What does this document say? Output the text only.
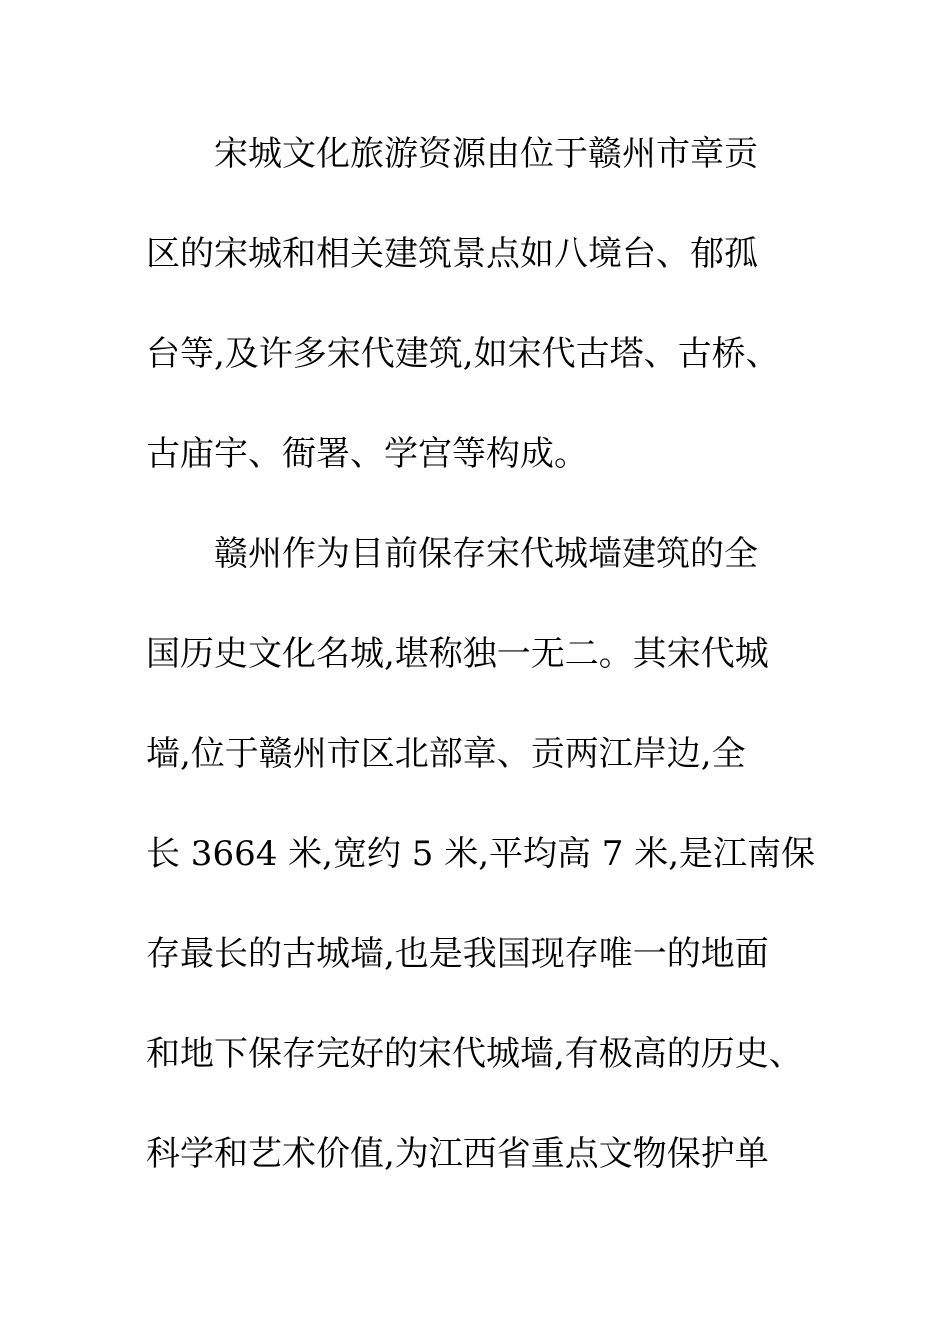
宋城文化旅游资源由位于赣州市章贡
区的宋城和相关建筑景点如八境台、郁孤
台等,及许多宋代建筑,如宋代古塔、古桥、
古庙宇、衙署、学宫等构成。
赣州作为目前保存宋代城墙建筑的全
国历史文化名城,堪称独一无二。其宋代城
墙,位于赣州市区北部章、贡两江岸边,全
长 3664 米,宽约 5 米,平均高 7 米,是江南保
存最长的古城墙,也是我国现存唯一的地面
和地下保存完好的宋代城墙,有极高的历史、
科学和艺术价值,为江西省重点文物保护单
